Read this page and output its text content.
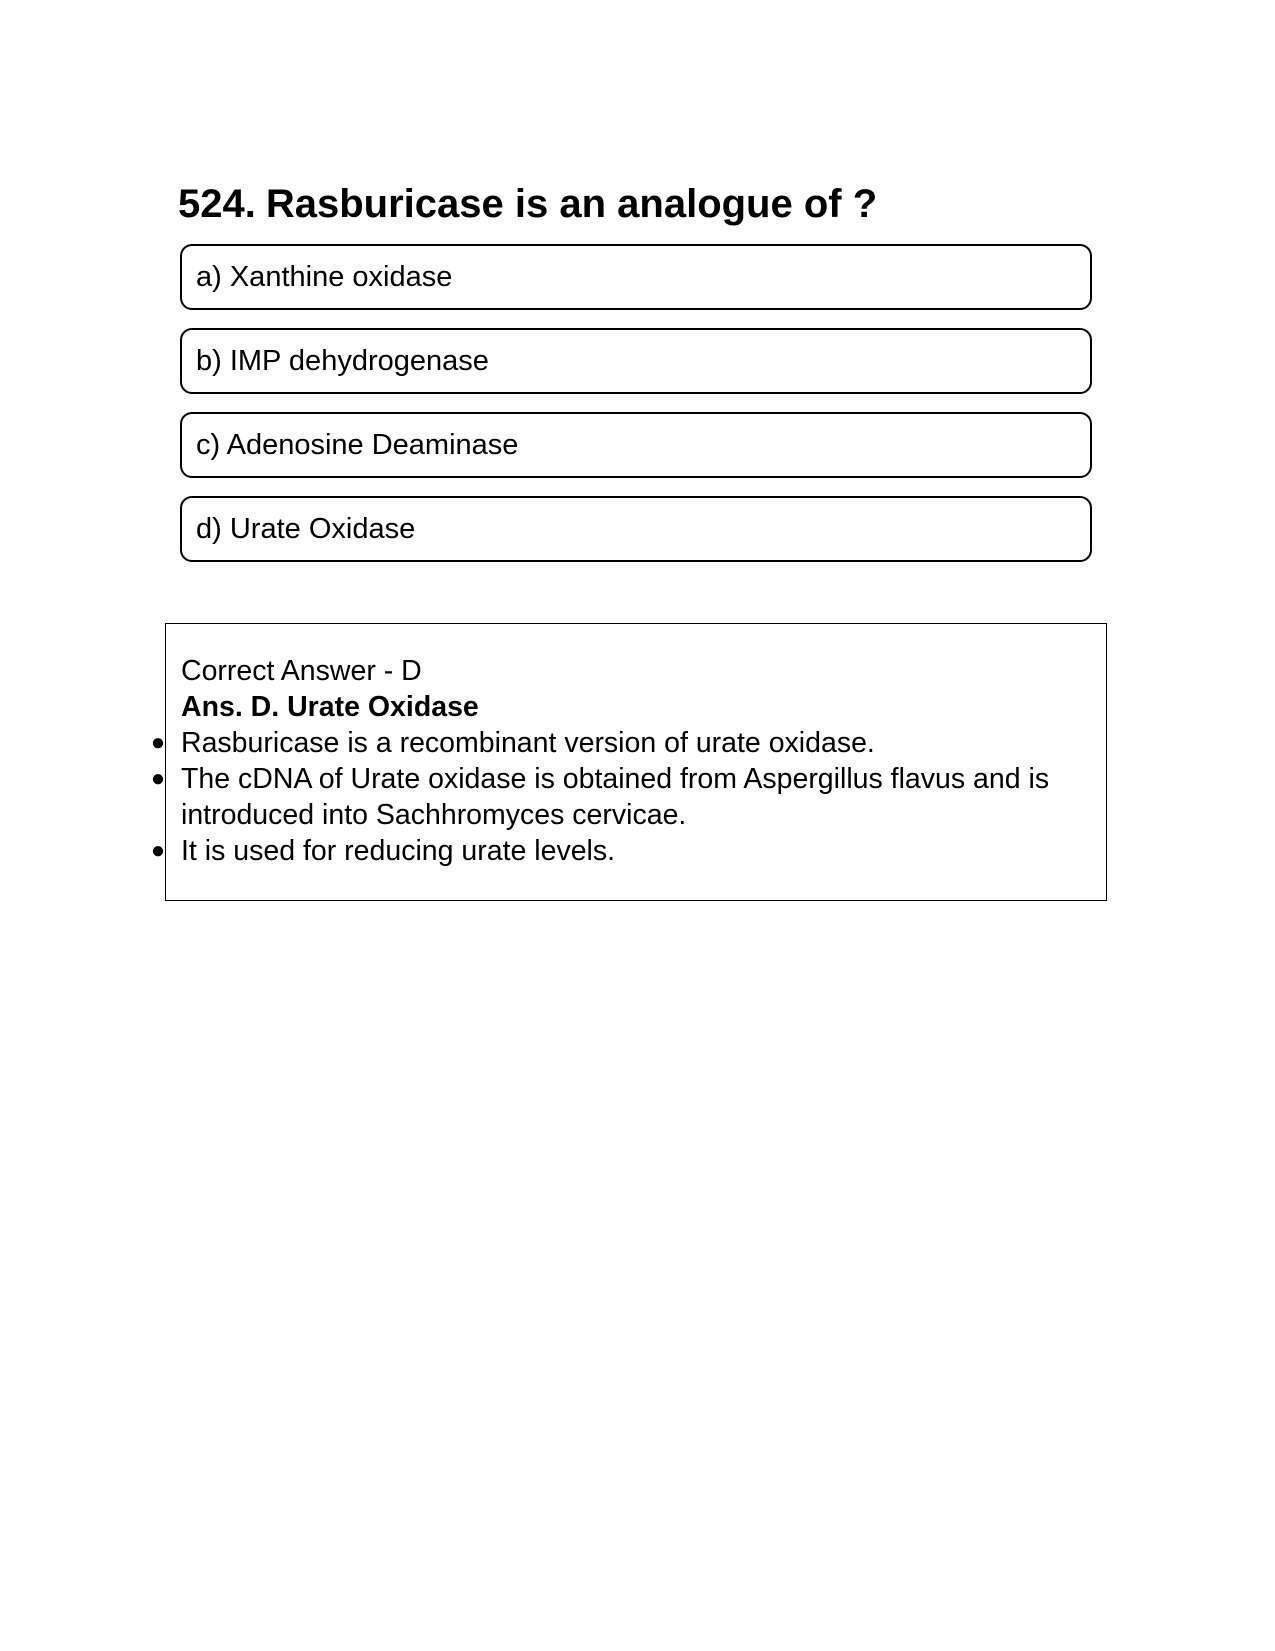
524. Rasburicase is an analogue of ?
a) Xanthine oxidase
b) IMP dehydrogenase
c) Adenosine Deaminase
d) Urate Oxidase

Correct Answer - D

Ans. D. Urate Oxidase

● Rasburicase is a recombinant version of urate oxidase.
● The cDNA of Urate oxidase is obtained from Aspergillus flavus and is introduced into Sachhromyces cervicae.
● It is used for reducing urate levels.
